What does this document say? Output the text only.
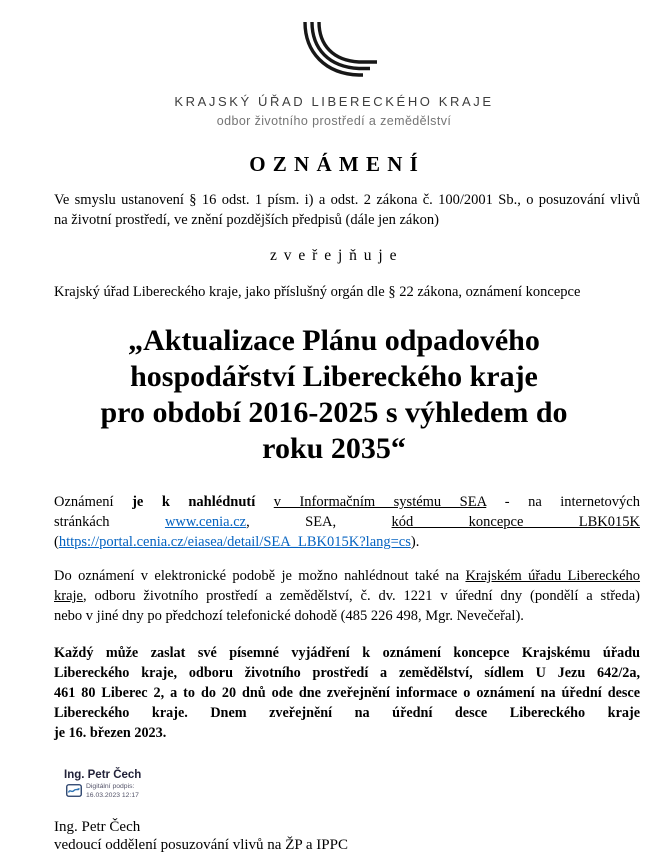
KRAJSKÝ ÚŘAD LIBERECKÉHO KRAJE
odbor životního prostředí a zemědělství
O Z N Á M E N Í
Ve smyslu ustanovení § 16 odst. 1 písm. i) a odst. 2 zákona č. 100/2001 Sb., o posuzování vlivů
na životní prostředí, ve znění pozdějších předpisů (dále jen zákon)
z v e ř e j ň u j e
Krajský úřad Libereckého kraje, jako příslušný orgán dle § 22 zákona, oznámení koncepce
„Aktualizace Plánu odpadového
hospodářství Libereckého kraje
pro období 2016-2025 s výhledem do
roku 2035“
Oznámení je k nahlédnutí v Informačním systému SEA - na internetových
stránkách	www.cenia.cz,	SEA,	kód koncepce LBK015K
(https://portal.cenia.cz/eiasea/detail/SEA_LBK015K?lang=cs).
Do oznámení v elektronické podobě je možno nahlédnout také na Krajském úřadu Libereckého
kraje, odboru životního prostředí a zemědělství, č. dv. 1221 v úřední dny (pondělí a středa)
nebo v jiné dny po předchozí telefonické dohodě (485 226 498, Mgr. Nevečeřal).
Každý může zaslat své písemné vyjádření k oznámení koncepce Krajskému úřadu
Libereckého kraje, odboru životního prostředí a zemědělství, sídlem U Jezu 642/2a,
461 80 Liberec 2, a to do 20 dnů ode dne zveřejnění informace o oznámení na úřední desce
Libereckého kraje. Dnem zveřejnění na úřední desce Libereckého kraje
je 16. březen 2023.
Ing. Petr Čech
Digitální podpis:
16.03.2023 12:17
Ing. Petr Čech
vedoucí oddělení posuzování vlivů na ŽP a IPPC
